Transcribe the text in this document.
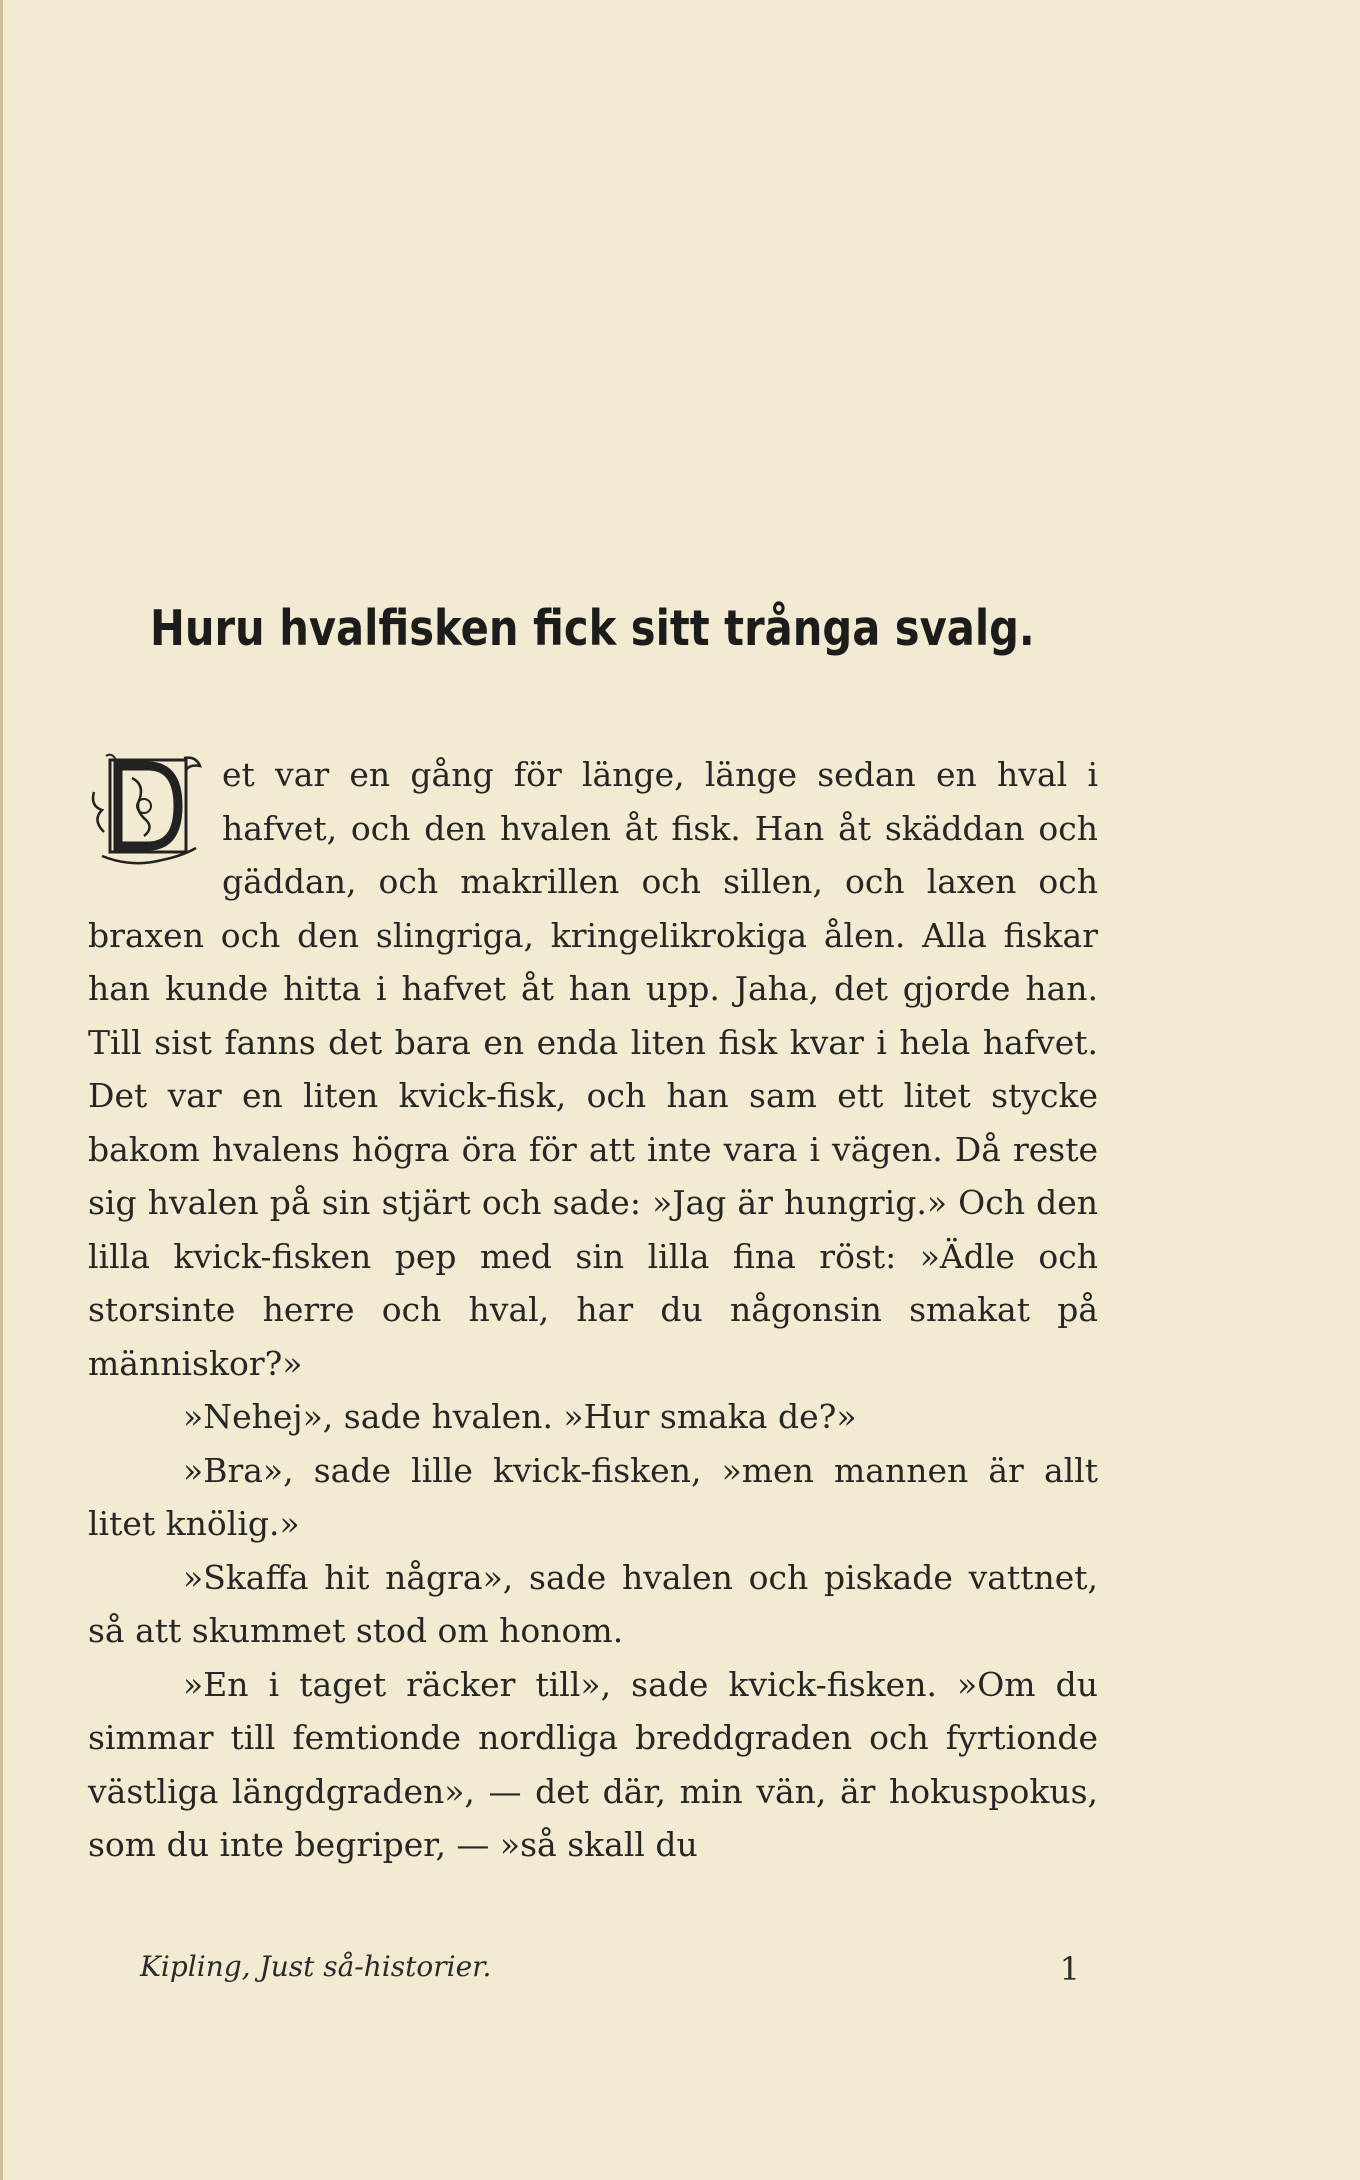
Huru hvalfisken fick sitt trånga svalg.

et var en gång för länge, länge sedan en hval i hafvet, och den hvalen åt fisk. Han åt skäddan och gäddan, och makrillen och sillen, och laxen och braxen och den slingriga, kringelikrokiga ålen. Alla fiskar han kunde hitta i hafvet åt han upp. Jaha, det gjorde han. Till sist fanns det bara en enda liten fisk kvar i hela hafvet. Det var en liten kvick-fisk, och han sam ett litet stycke bakom hvalens högra öra för att inte vara i vägen. Då reste sig hvalen på sin stjärt och sade: »Jag är hungrig.» Och den lilla kvick-fisken pep med sin lilla fina röst: »Ädle och storsinte herre och hval, har du någonsin smakat på människor?»

»Nehej», sade hvalen. »Hur smaka de?»

»Bra», sade lille kvick-fisken, »men mannen är allt litet knölig.»

»Skaffa hit några», sade hvalen och piskade vattnet, så att skummet stod om honom.

»En i taget räcker till», sade kvick-fisken. »Om du simmar till femtionde nordliga breddgraden och fyrtionde västliga längdgraden», — det där, min vän, är hokuspokus, som du inte begriper, — »så skall du

Kipling, Just så-historier.	1
